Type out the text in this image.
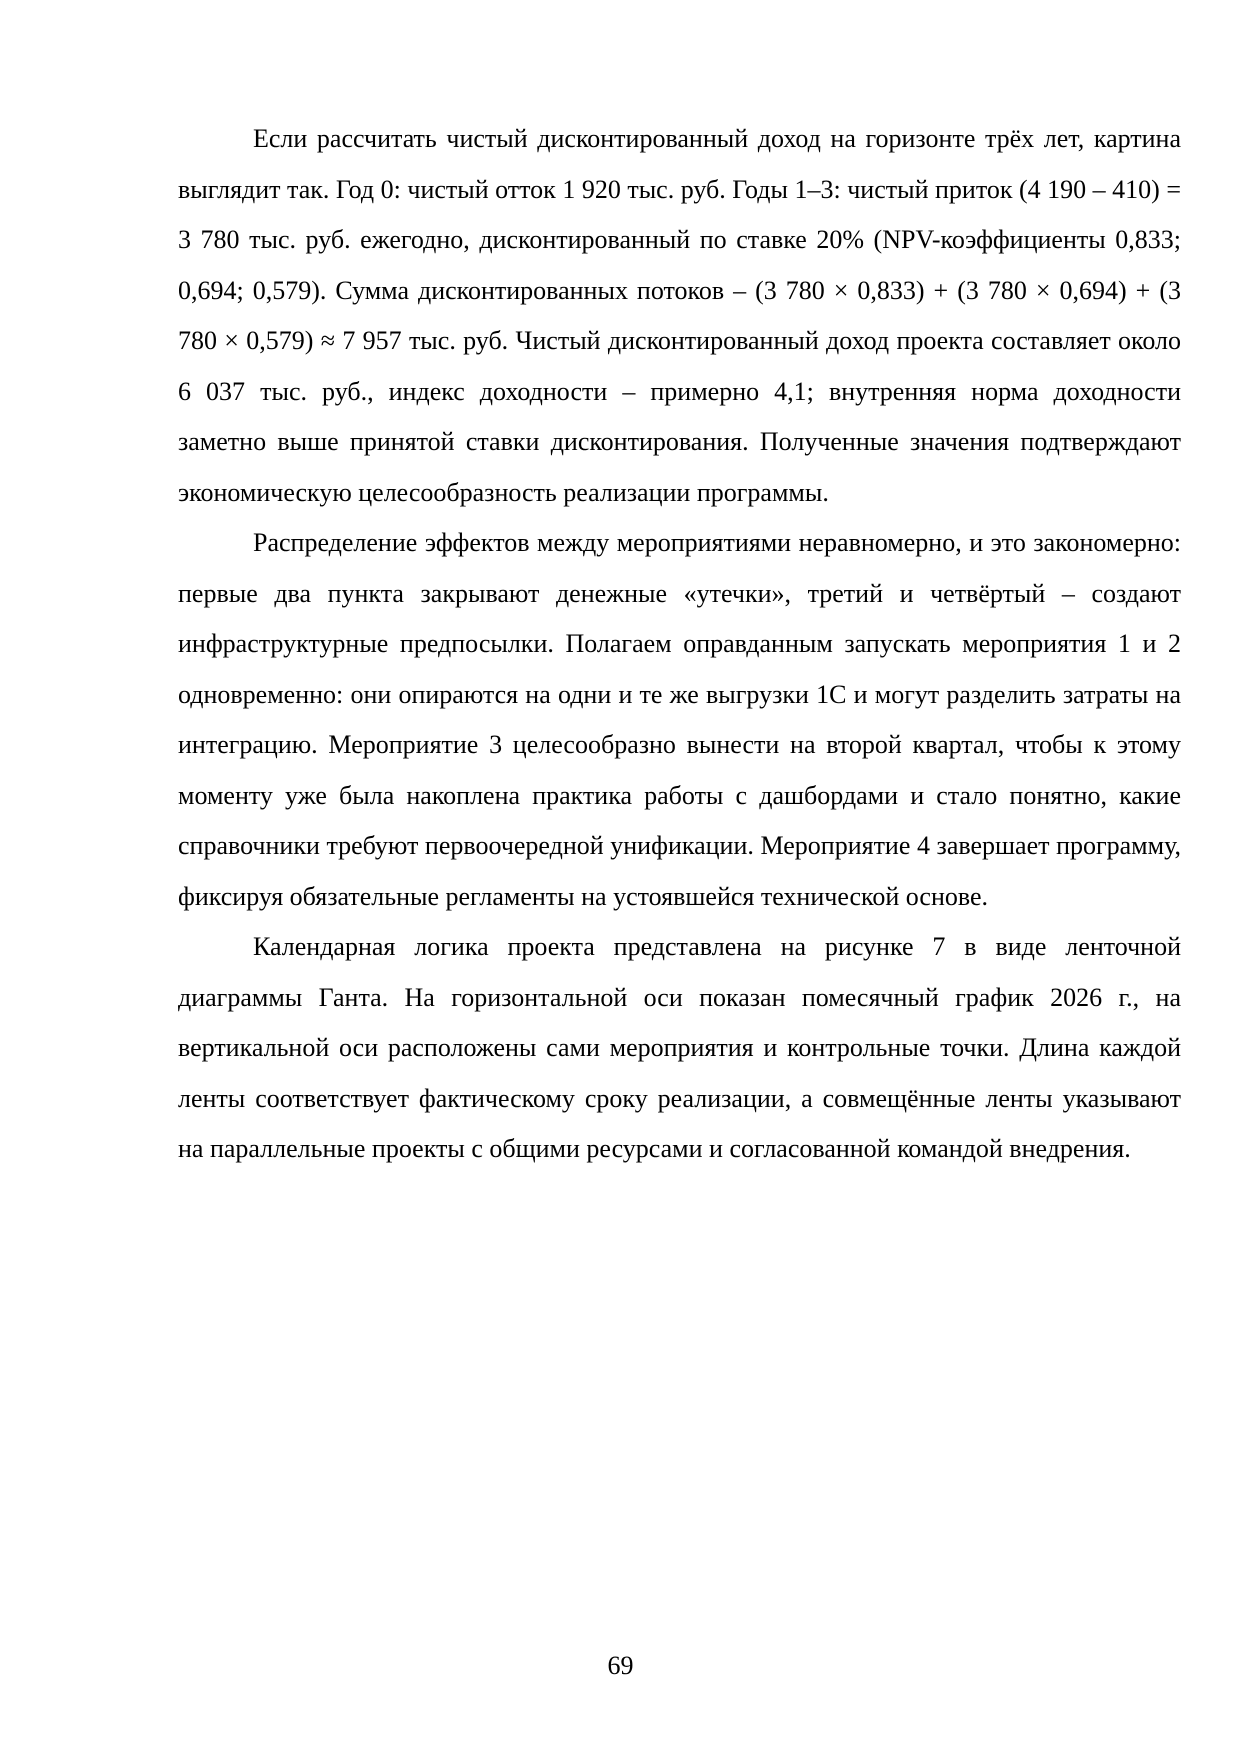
Если рассчитать чистый дисконтированный доход на горизонте трёх лет, картина выглядит так. Год 0: чистый отток 1 920 тыс. руб. Годы 1–3: чистый приток (4 190 – 410) = 3 780 тыс. руб. ежегодно, дисконтированный по ставке 20% (NPV-коэффициенты 0,833; 0,694; 0,579). Сумма дисконтированных потоков – (3 780 × 0,833) + (3 780 × 0,694) + (3 780 × 0,579) ≈ 7 957 тыс. руб. Чистый дисконтированный доход проекта составляет около 6 037 тыс. руб., индекс доходности – примерно 4,1; внутренняя норма доходности заметно выше принятой ставки дисконтирования. Полученные значения подтверждают экономическую целесообразность реализации программы.

Распределение эффектов между мероприятиями неравномерно, и это закономерно: первые два пункта закрывают денежные «утечки», третий и четвёртый – создают инфраструктурные предпосылки. Полагаем оправданным запускать мероприятия 1 и 2 одновременно: они опираются на одни и те же выгрузки 1С и могут разделить затраты на интеграцию. Мероприятие 3 целесообразно вынести на второй квартал, чтобы к этому моменту уже была накоплена практика работы с дашбордами и стало понятно, какие справочники требуют первоочередной унификации. Мероприятие 4 завершает программу, фиксируя обязательные регламенты на устоявшейся технической основе.

Календарная логика проекта представлена на рисунке 7 в виде ленточной диаграммы Ганта. На горизонтальной оси показан помесячный график 2026 г., на вертикальной оси расположены сами мероприятия и контрольные точки. Длина каждой ленты соответствует фактическому сроку реализации, а совмещённые ленты указывают на параллельные проекты с общими ресурсами и согласованной командой внедрения.

69
